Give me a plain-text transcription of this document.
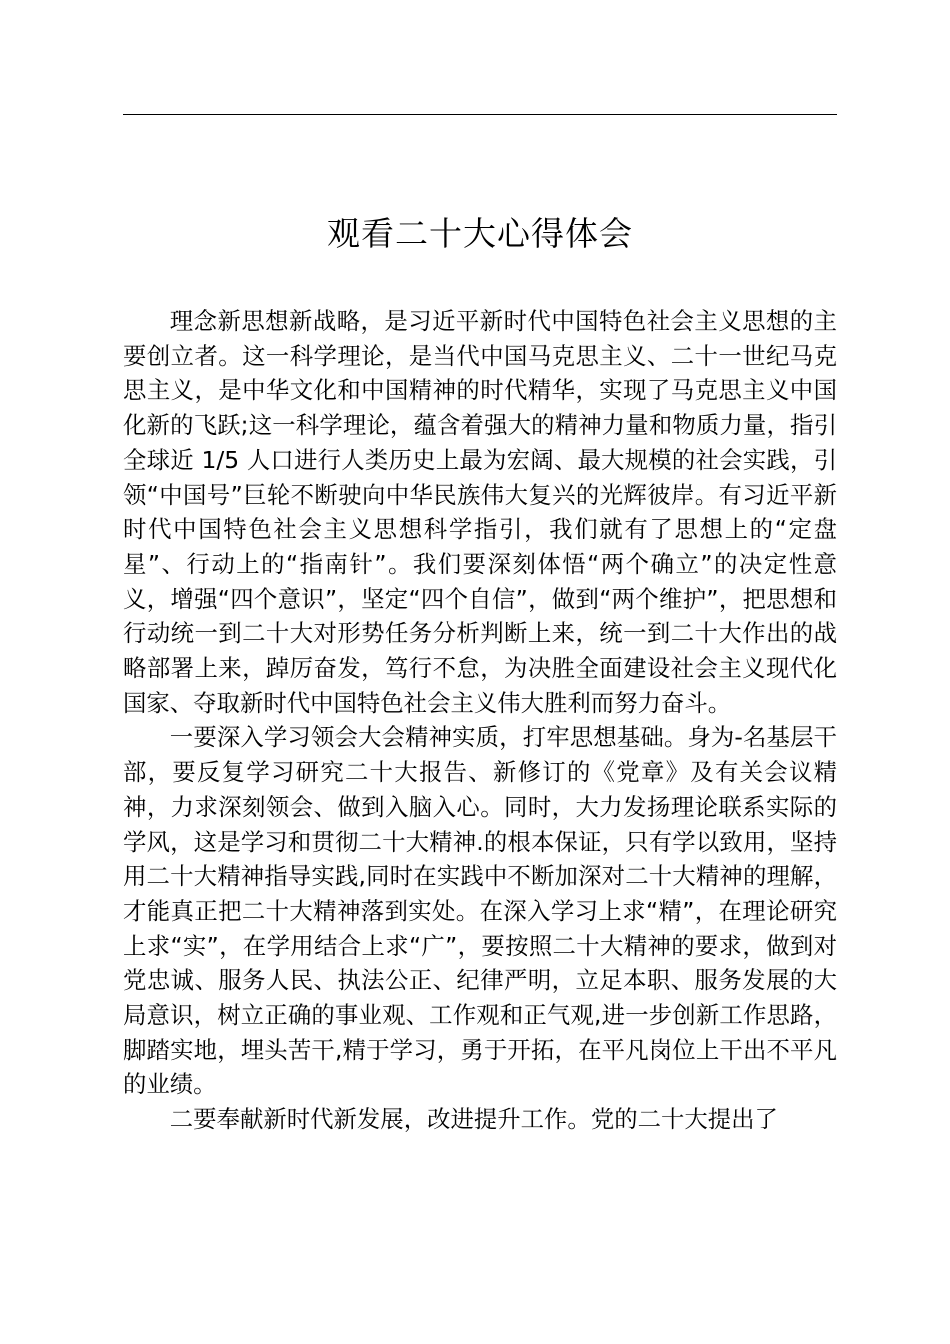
观看二十大心得体会

理念新思想新战略，是习近平新时代中国特色社会主义思想的主要创立者。这一科学理论，是当代中国马克思主义、二十一世纪马克思主义，是中华文化和中国精神的时代精华，实现了马克思主义中国化新的飞跃;这一科学理论，蕴含着强大的精神力量和物质力量，指引全球近 1/5 人口进行人类历史上最为宏阔、最大规模的社会实践，引领“中国号”巨轮不断驶向中华民族伟大复兴的光辉彼岸。有习近平新时代中国特色社会主义思想科学指引，我们就有了思想上的“定盘星”、行动上的“指南针”。我们要深刻体悟“两个确立”的决定性意义，增强“四个意识”，坚定“四个自信”，做到“两个维护”，把思想和行动统一到二十大对形势任务分析判断上来，统一到二十大作出的战略部署上来，踔厉奋发，笃行不怠，为决胜全面建设社会主义现代化国家、夺取新时代中国特色社会主义伟大胜利而努力奋斗。

一要深入学习领会大会精神实质，打牢思想基础。身为-名基层干部，要反复学习研究二十大报告、新修订的《党章》及有关会议精神，力求深刻领会、做到入脑入心。同时，大力发扬理论联系实际的学风，这是学习和贯彻二十大精神.的根本保证，只有学以致用，坚持用二十大精神指导实践,同时在实践中不断加深对二十大精神的理解，才能真正把二十大精神落到实处。在深入学习上求“精”，在理论研究上求“实”，在学用结合上求“广”，要按照二十大精神的要求，做到对党忠诚、服务人民、执法公正、纪律严明，立足本职、服务发展的大局意识，树立正确的事业观、工作观和正气观,进一步创新工作思路，脚踏实地，埋头苦干,精于学习，勇于开拓，在平凡岗位上干出不平凡的业绩。

二要奉献新时代新发展，改进提升工作。党的二十大提出了
